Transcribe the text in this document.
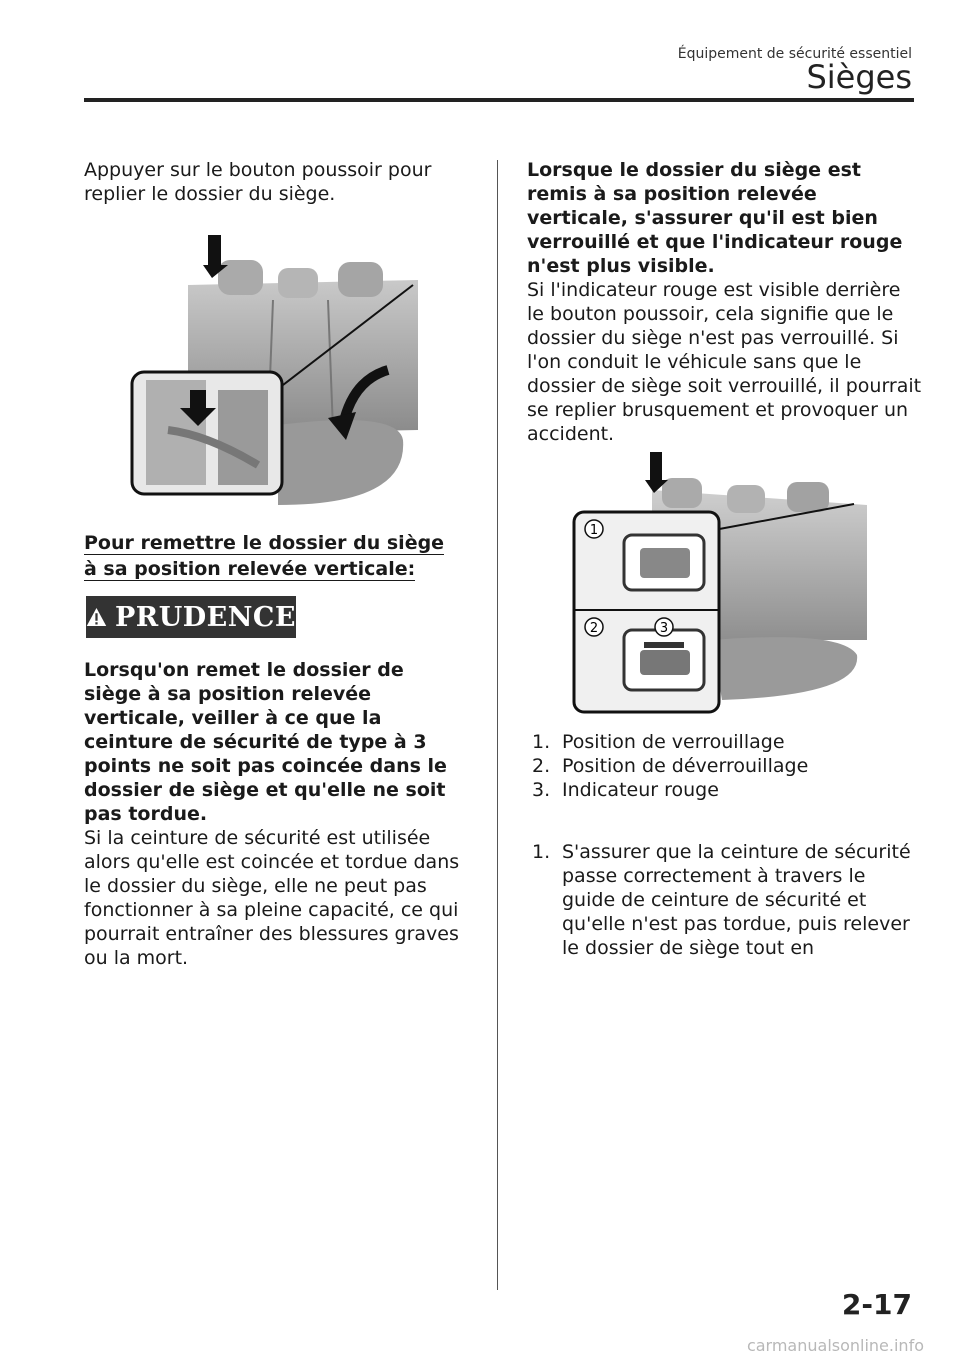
Équipement de sécurité essentiel
Sièges

Appuyer sur le bouton poussoir pour replier le dossier du siège.

Pour remettre le dossier du siège à sa position relevée verticale:
PRUDENCE

Lorsqu'on remet le dossier de siège à sa position relevée verticale, veiller à ce que la ceinture de sécurité de type à 3 points ne soit pas coincée dans le dossier de siège et qu'elle ne soit pas tordue.

Si la ceinture de sécurité est utilisée alors qu'elle est coincée et tordue dans le dossier du siège, elle ne peut pas fonctionner à sa pleine capacité, ce qui pourrait entraîner des blessures graves ou la mort.

Lorsque le dossier du siège est remis à sa position relevée verticale, s'assurer qu'il est bien verrouillé et que l'indicateur rouge n'est plus visible.

Si l'indicateur rouge est visible derrière le bouton poussoir, cela signifie que le dossier du siège n'est pas verrouillé. Si l'on conduit le véhicule sans que le dossier de siège soit verrouillé, il pourrait se replier brusquement et provoquer un accident.

1
2	3
1. Position de verrouillage
2. Position de déverrouillage
3. Indicateur rouge
1. S'assurer que la ceinture de sécurité passe correctement à travers le guide de ceinture de sécurité et qu'elle n'est pas tordue, puis relever le dossier de siège tout en
2-17
carmanualsonline.info
